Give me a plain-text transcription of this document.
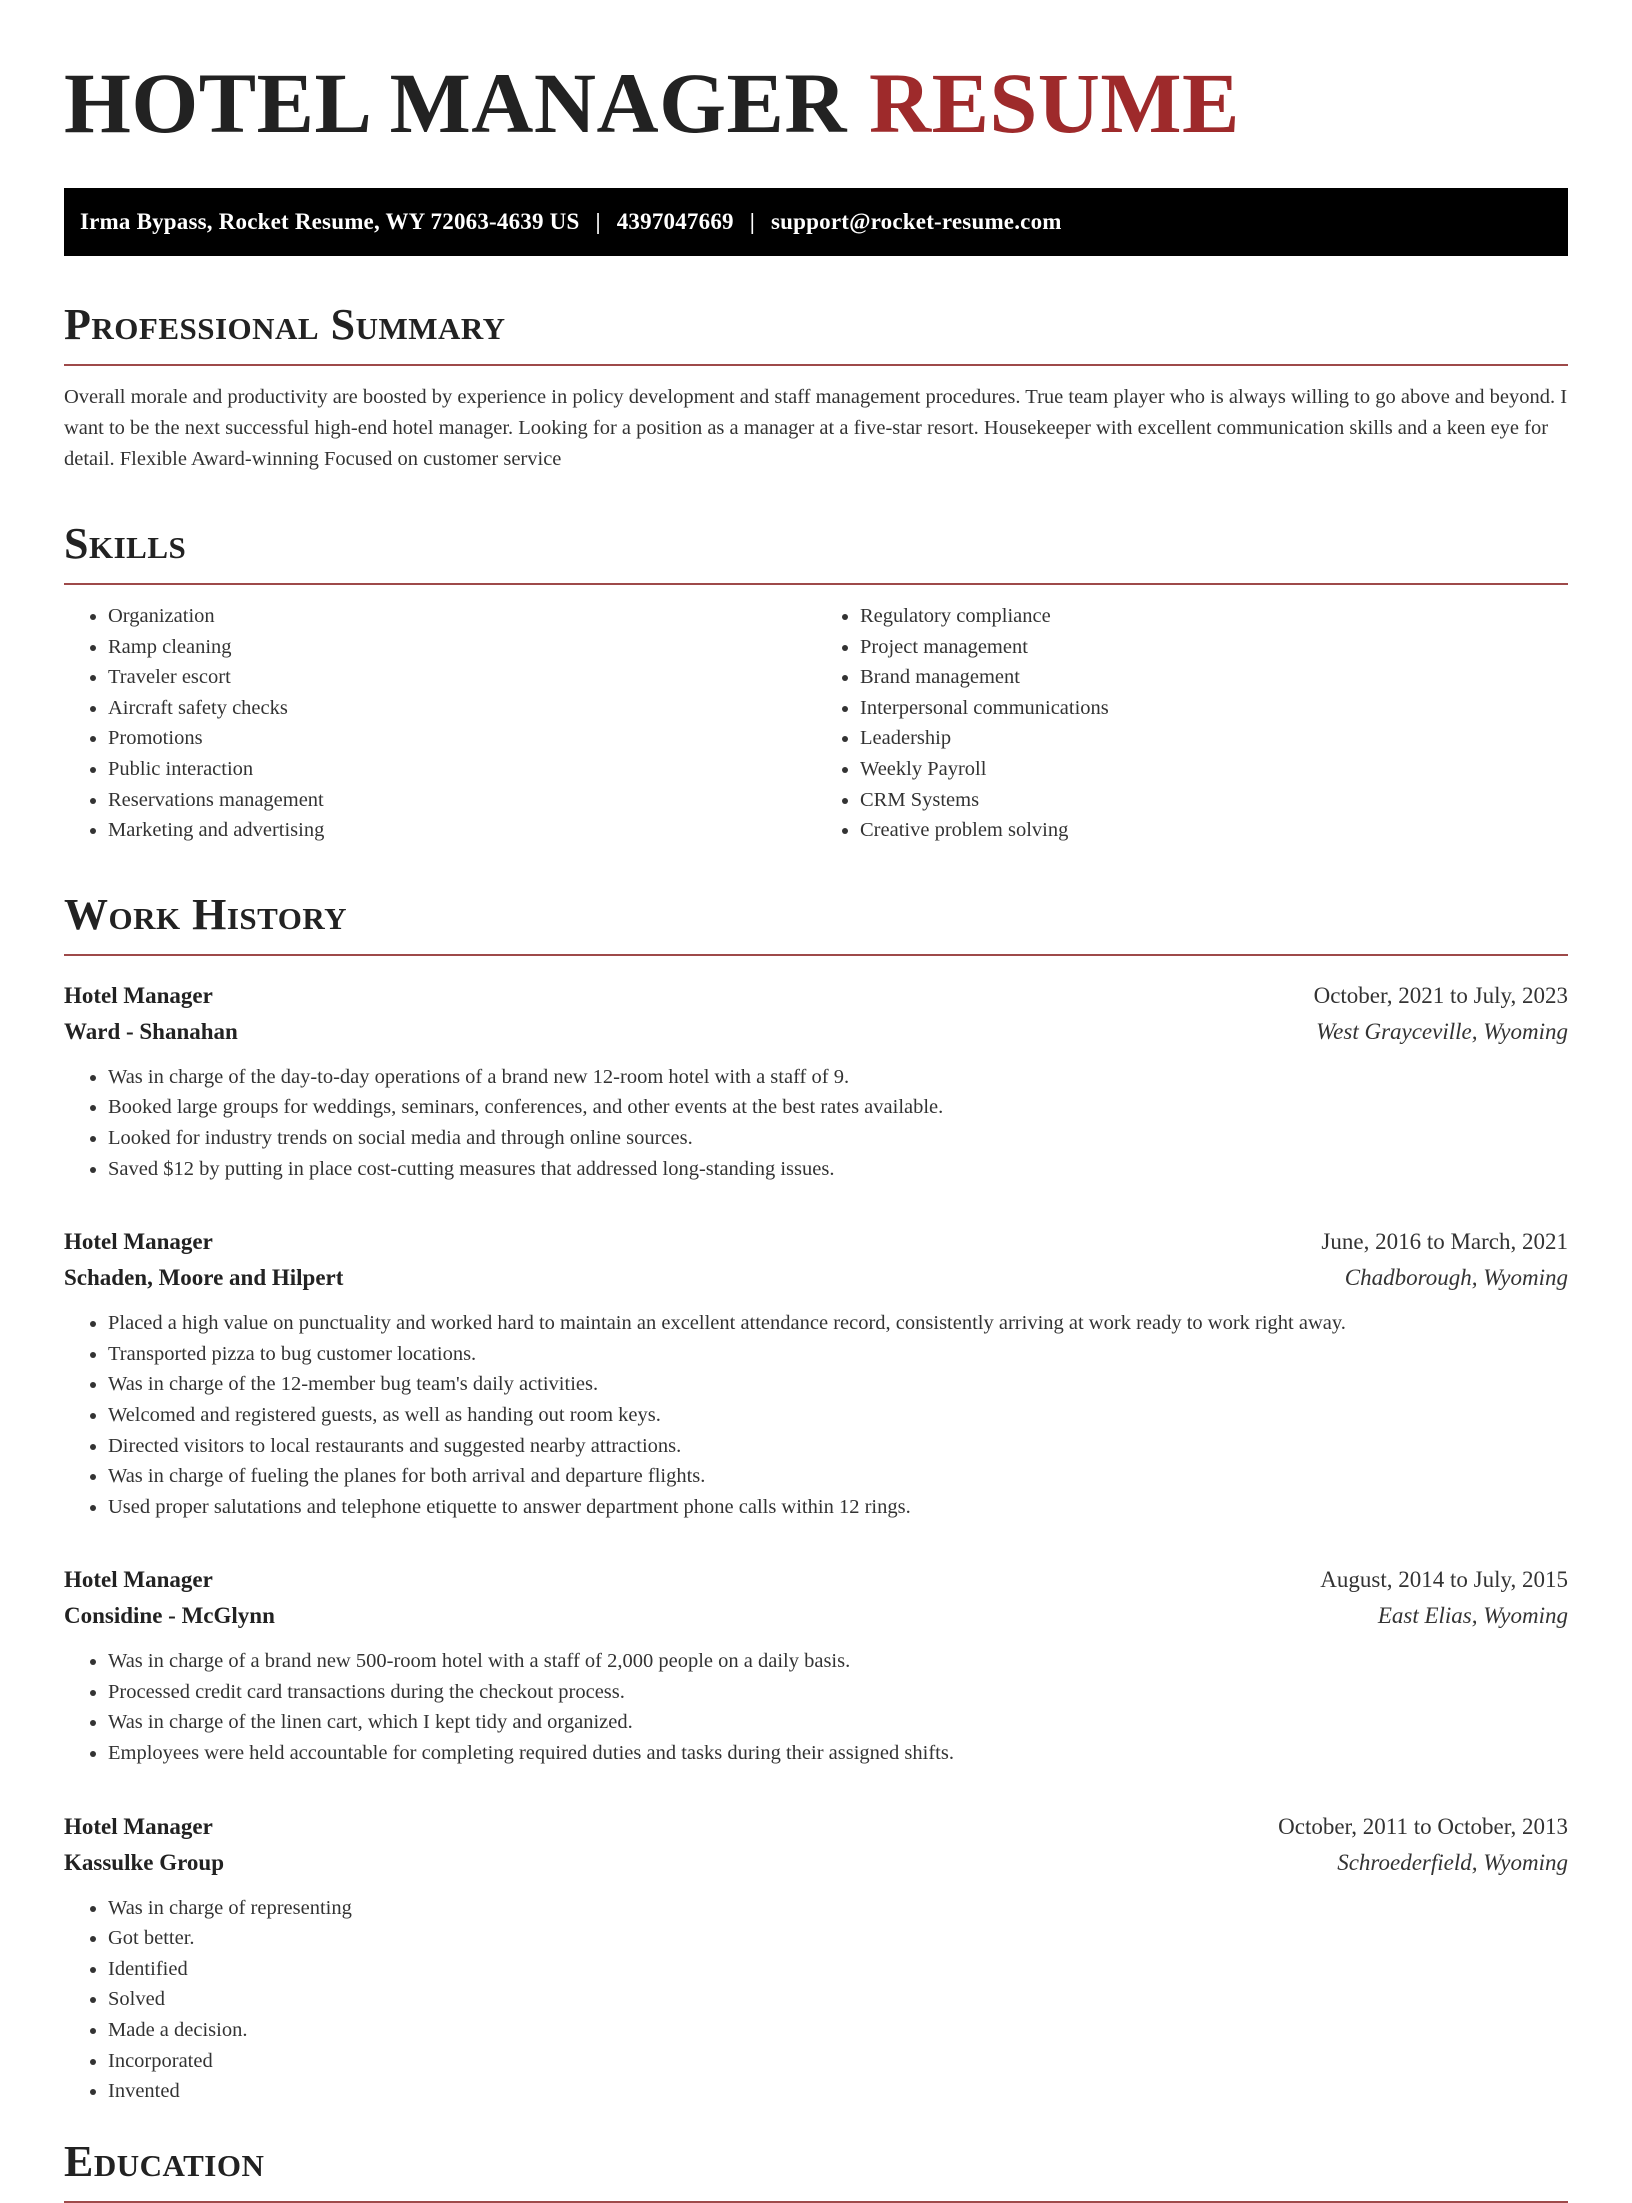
HOTEL MANAGER RESUME
Irma Bypass, Rocket Resume, WY 72063-4639 US | 4397047669 | support@rocket-resume.com
Professional Summary

Overall morale and productivity are boosted by experience in policy development and staff management procedures. True team player who is always willing to go above and beyond. I want to be the next successful high-end hotel manager. Looking for a position as a manager at a five-star resort. Housekeeper with excellent communication skills and a keen eye for detail. Flexible Award-winning Focused on customer service

Skills
• Organization
• Ramp cleaning
• Traveler escort
• Aircraft safety checks
• Promotions
• Public interaction
• Reservations management
• Marketing and advertising
• Regulatory compliance
• Project management
• Brand management
• Interpersonal communications
• Leadership
• Weekly Payroll
• CRM Systems
• Creative problem solving
Work History
Hotel Manager	October, 2021 to July, 2023
Ward - Shanahan	West Grayceville, Wyoming
• Was in charge of the day-to-day operations of a brand new 12-room hotel with a staff of 9.
• Booked large groups for weddings, seminars, conferences, and other events at the best rates available.
• Looked for industry trends on social media and through online sources.
• Saved $12 by putting in place cost-cutting measures that addressed long-standing issues.
Hotel Manager	June, 2016 to March, 2021
Schaden, Moore and Hilpert	Chadborough, Wyoming
• Placed a high value on punctuality and worked hard to maintain an excellent attendance record, consistently arriving at work ready to work right away.
• Transported pizza to bug customer locations.
• Was in charge of the 12-member bug team's daily activities.
• Welcomed and registered guests, as well as handing out room keys.
• Directed visitors to local restaurants and suggested nearby attractions.
• Was in charge of fueling the planes for both arrival and departure flights.
• Used proper salutations and telephone etiquette to answer department phone calls within 12 rings.
Hotel Manager	August, 2014 to July, 2015
Considine - McGlynn	East Elias, Wyoming
• Was in charge of a brand new 500-room hotel with a staff of 2,000 people on a daily basis.
• Processed credit card transactions during the checkout process.
• Was in charge of the linen cart, which I kept tidy and organized.
• Employees were held accountable for completing required duties and tasks during their assigned shifts.
Hotel Manager	October, 2011 to October, 2013
Kassulke Group	Schroederfield, Wyoming
• Was in charge of representing
• Got better.
• Identified
• Solved
• Made a decision.
• Incorporated
• Invented
Education
